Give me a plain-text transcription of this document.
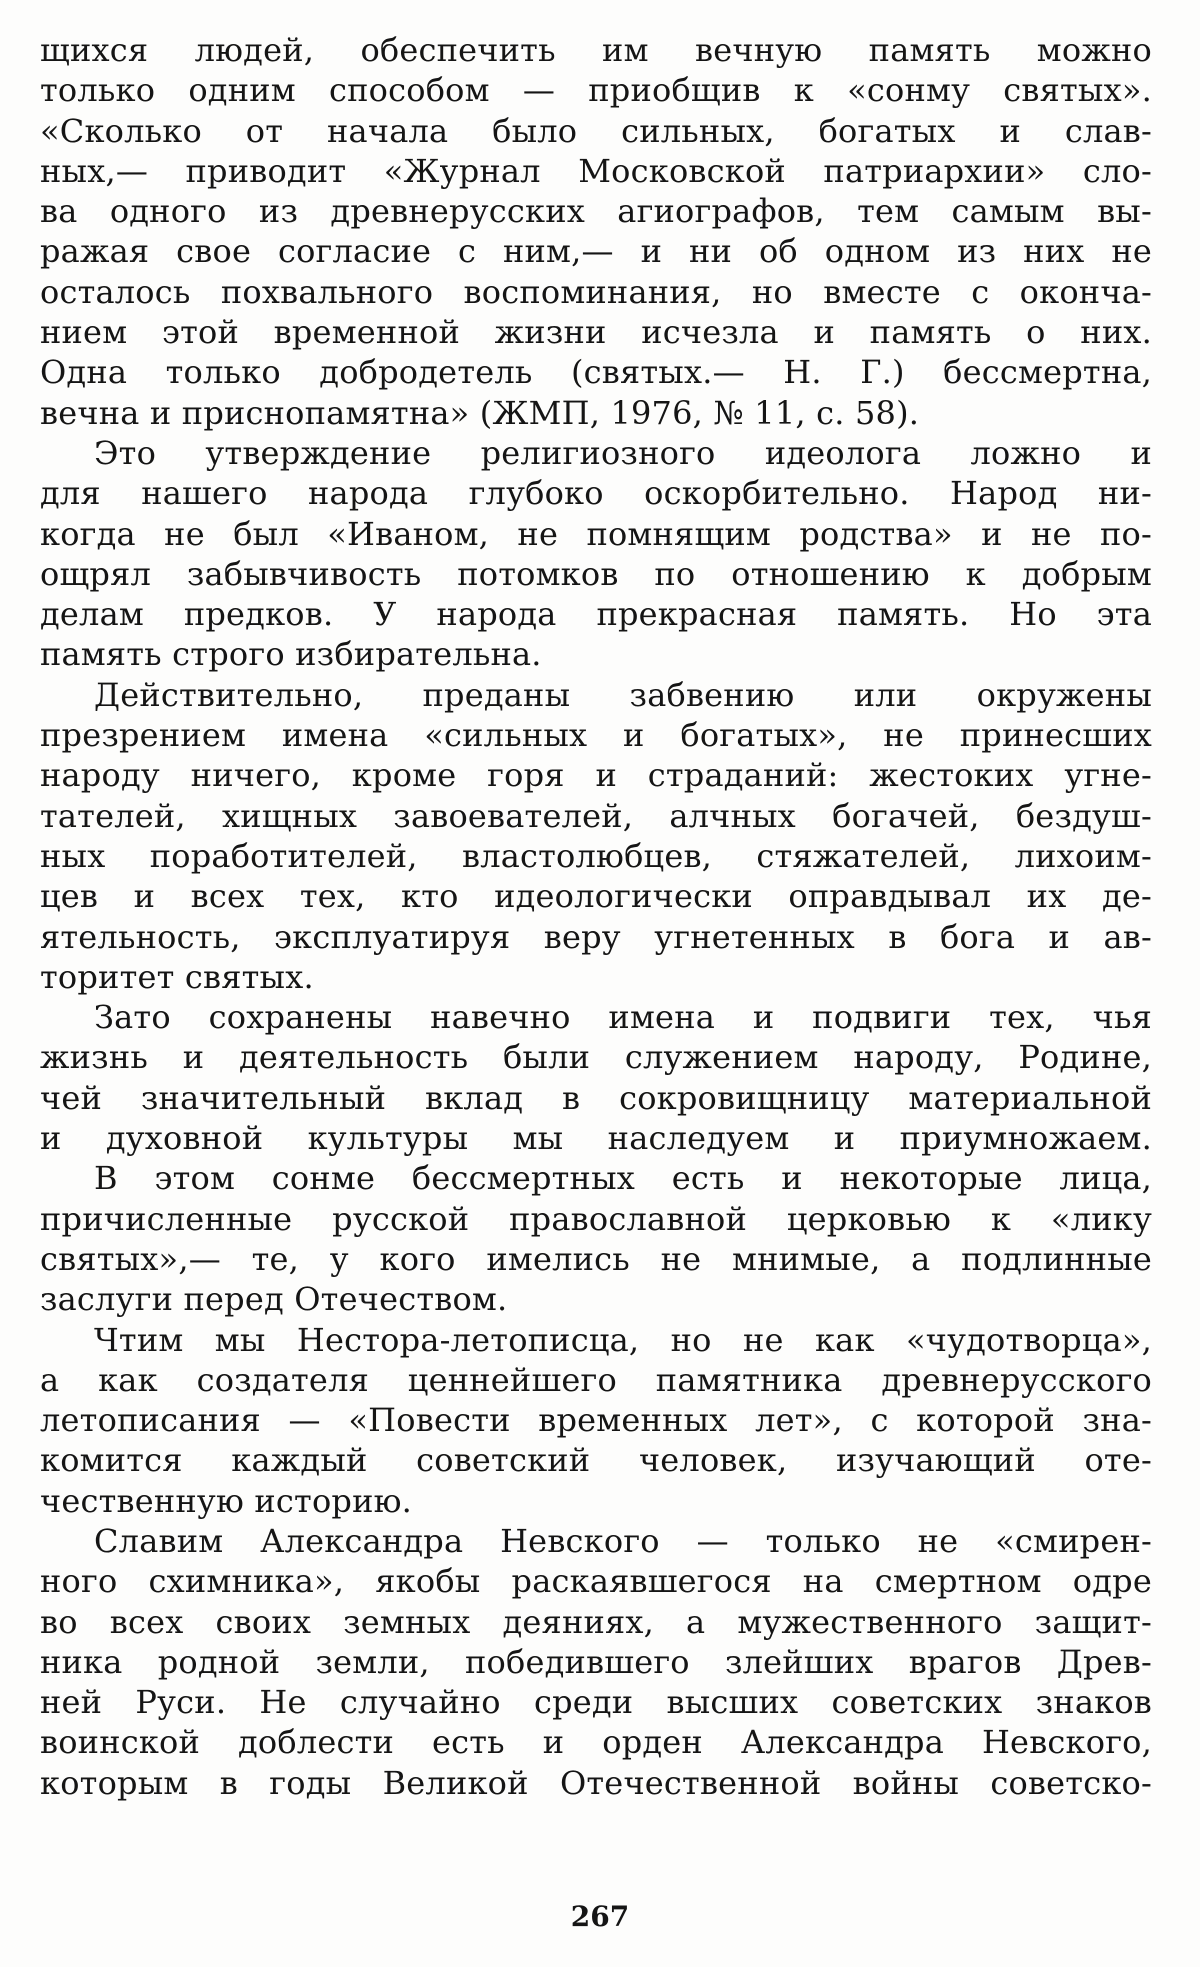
щихся людей, обеспечить им вечную память можно
только одним способом — приобщив к «сонму святых».
«Сколько от начала было сильных, богатых и слав-
ных,— приводит «Журнал Московской патриархии» сло-
ва одного из древнерусских агиографов, тем самым вы-
ражая свое согласие с ним,— и ни об одном из них не
осталось похвального воспоминания, но вместе с оконча-
нием этой временной жизни исчезла и память о них.
Одна только добродетель (святых.— Н. Г.) бессмертна,
вечна и приснопамятна» (ЖМП, 1976, № 11, с. 58).
Это утверждение религиозного идеолога ложно и
для нашего народа глубоко оскорбительно. Народ ни-
когда не был «Иваном, не помнящим родства» и не по-
ощрял забывчивость потомков по отношению к добрым
делам предков. У народа прекрасная память. Но эта
память строго избирательна.
Действительно, преданы забвению или окружены
презрением имена «сильных и богатых», не принесших
народу ничего, кроме горя и страданий: жестоких угне-
тателей, хищных завоевателей, алчных богачей, бездуш-
ных поработителей, властолюбцев, стяжателей, лихоим-
цев и всех тех, кто идеологически оправдывал их де-
ятельность, эксплуатируя веру угнетенных в бога и ав-
торитет святых.
Зато сохранены навечно имена и подвиги тех, чья
жизнь и деятельность были служением народу, Родине,
чей значительный вклад в сокровищницу материальной
и духовной культуры мы наследуем и приумножаем.
В этом сонме бессмертных есть и некоторые лица,
причисленные русской православной церковью к «лику
святых»,— те, у кого имелись не мнимые, а подлинные
заслуги перед Отечеством.
Чтим мы Нестора-летописца, но не как «чудотворца»,
а как создателя ценнейшего памятника древнерусского
летописания — «Повести временных лет», с которой зна-
комится каждый советский человек, изучающий оте-
чественную историю.
Славим Александра Невского — только не «смирен-
ного схимника», якобы раскаявшегося на смертном одре
во всех своих земных деяниях, а мужественного защит-
ника родной земли, победившего злейших врагов Древ-
ней Руси. Не случайно среди высших советских знаков
воинской доблести есть и орден Александра Невского,
которым в годы Великой Отечественной войны советско-
267
